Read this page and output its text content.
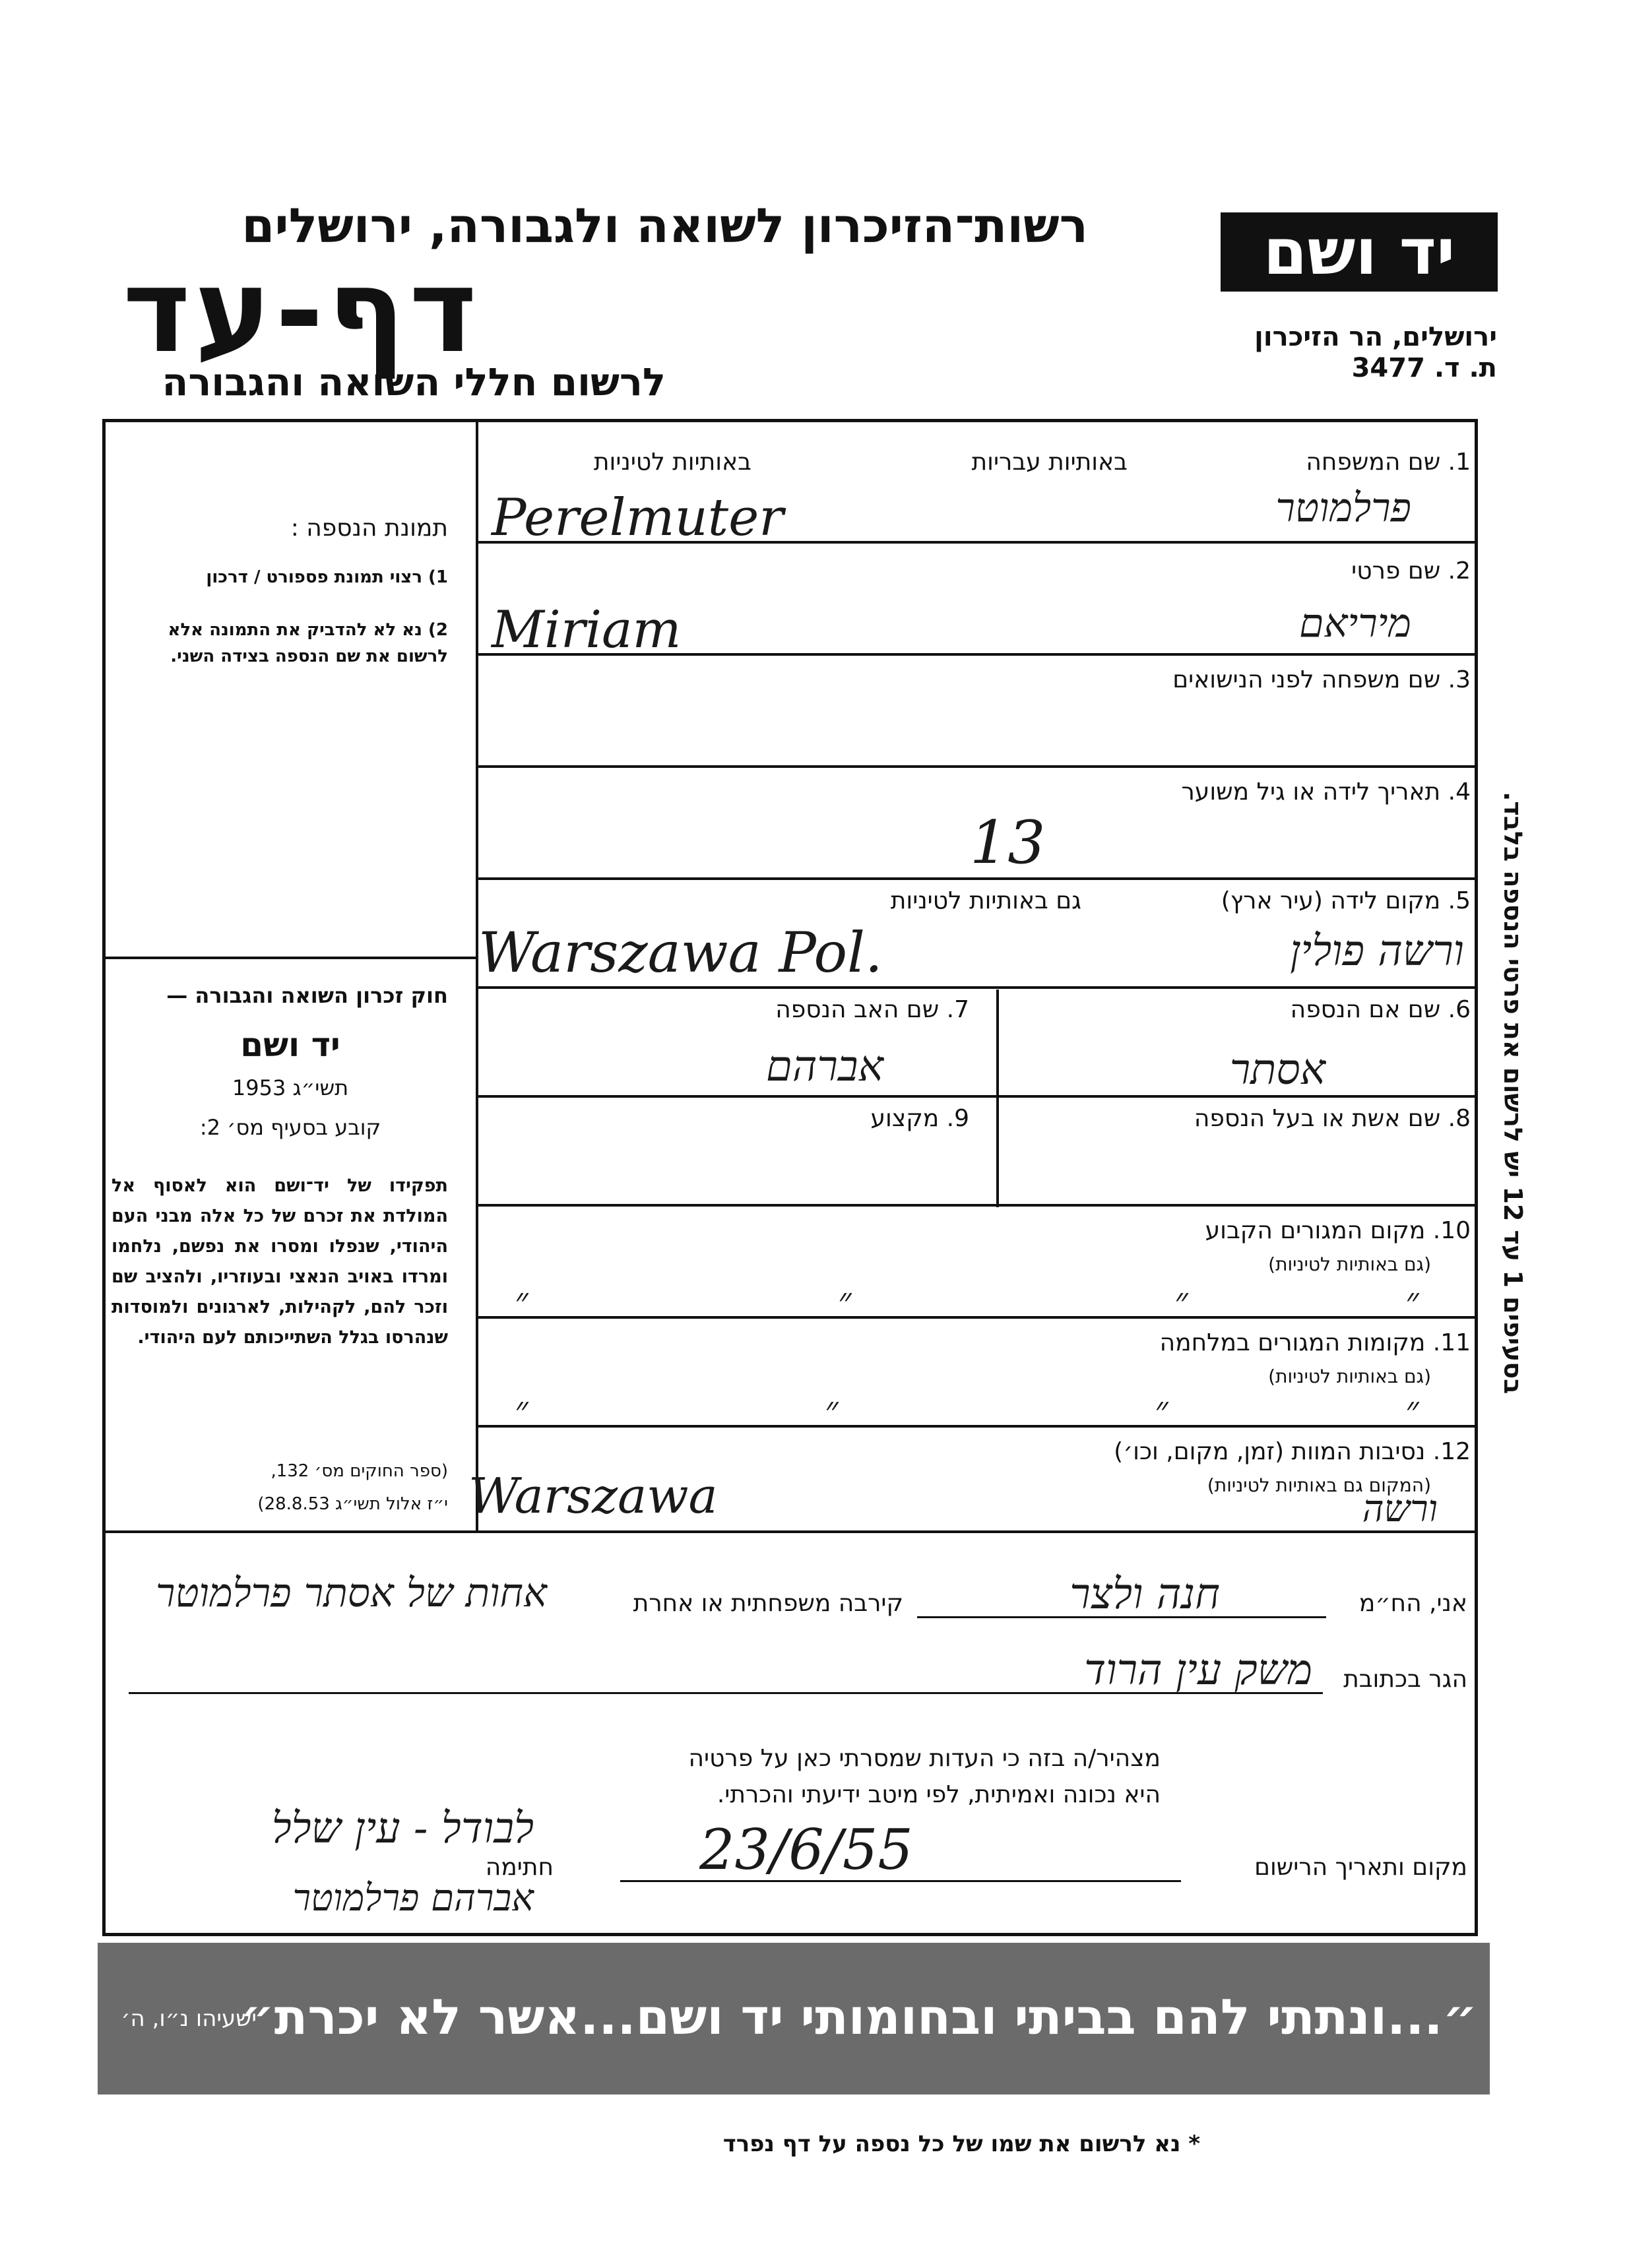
רשות־הזיכרון לשואה ולגבורה, ירושלים
דף-עד
לרשום חללי השואה והגבורה
יד ושם
ירושלים, הר הזיכרון
ת. ד. 3477
תמונת הנספה :
1) רצוי תמונת פספורט / דרכון
2) נא לא להדביק את התמונה אלא לרשום את שם הנספה בצידה השני.
חוק זכרון השואה והגבורה —
יד ושם
תשי״ג 1953
קובע בסעיף מס׳ 2:
תפקידו של יד־ושם הוא לאסוף אל המולדת את זכרם של כל אלה מבני העם היהודי, שנפלו ומסרו את נפשם, נלחמו ומרדו באויב הנאצי ובעוזריו, ולהציב שם וזכר להם, לקהילות, לארגונים ולמוסדות שנהרסו בגלל השתייכותם לעם היהודי.
(ספר החוקים מס׳ 132,
י״ז אלול תשי״ג 28.8.53)
1. שם המשפחה
באותיות עבריות
באותיות לטיניות
פרלמוטר
Perelmuter
2. שם פרטי
מיריאם
Miriam
3. שם משפחה לפני הנישואים
4. תאריך לידה או גיל משוער
13
5. מקום לידה (עיר ארץ)
גם באותיות לטיניות
ורשה פולין
Warszawa Pol.
6. שם אם הנספה
אסתר
7. שם האב הנספה
אברהם
8. שם אשת או בעל הנספה
9. מקצוע
10. מקום המגורים הקבוע
(גם באותיות לטיניות)
״	״	״	״
11. מקומות המגורים במלחמה
(גם באותיות לטיניות)
״	״	״	״
12. נסיבות המוות (זמן, מקום, וכו׳)
(המקום גם באותיות לטיניות)
Warszawa	ורשה
אני, הח״מ
חנה ולצר
קירבה משפחתית או אחרת
אחות של אסתר פרלמוטר
הגר בכתובת
משק עין הרוד
מצהיר/ה בזה כי העדות שמסרתי כאן על פרטיה
היא נכונה ואמיתית, לפי מיטב ידיעתי והכרתי.
מקום ותאריך הרישום
23/6/55
חתימה
לבודל - עין שלל
אברהם פרלמוטר
בסעיפים 1 עד 12 יש לרשום את פרטי הנספה בלבד.
״...ונתתי להם בביתי ובחומותי יד ושם...אשר לא יכרת״
ישעיהו נ״ו, ה׳
* נא לרשום את שמו של כל נספה על דף נפרד
